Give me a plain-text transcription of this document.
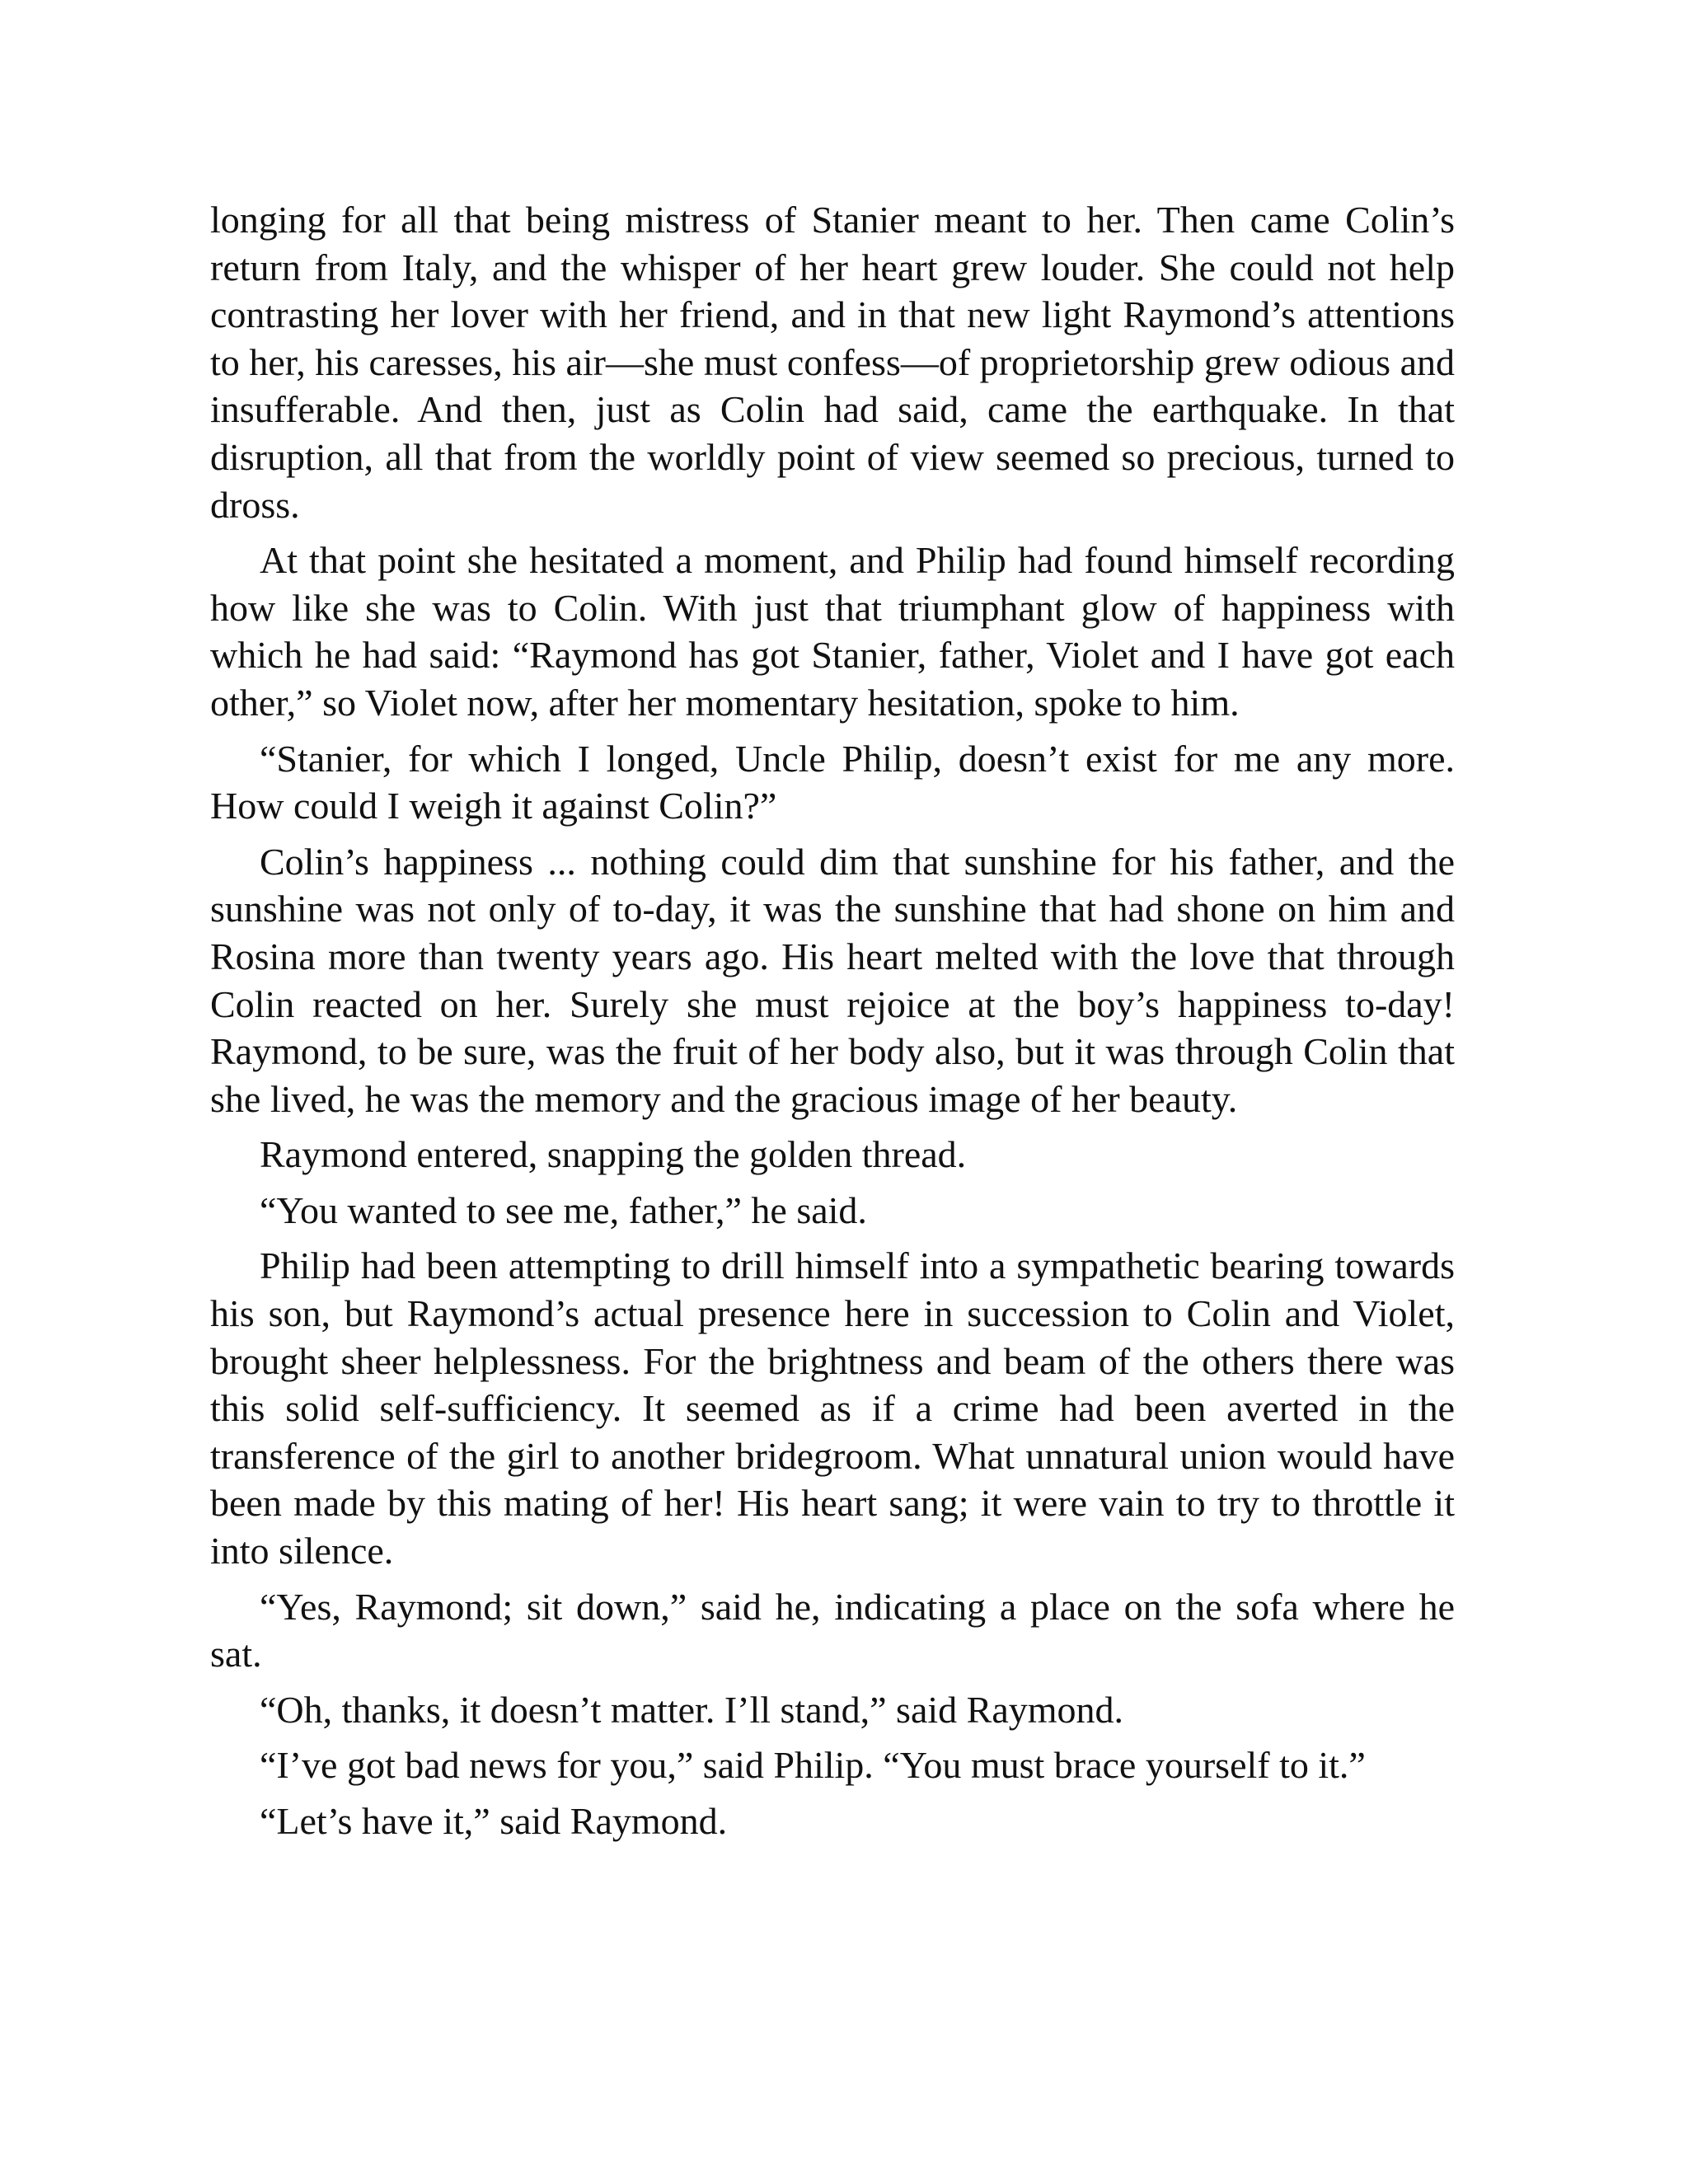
longing for all that being mistress of Stanier meant to her. Then came Colin’s return from Italy, and the whisper of her heart grew louder. She could not help contrasting her lover with her friend, and in that new light Raymond’s attentions to her, his caresses, his air—she must confess—of proprietorship grew odious and insufferable. And then, just as Colin had said, came the earthquake. In that disruption, all that from the worldly point of view seemed so precious, turned to dross.

At that point she hesitated a moment, and Philip had found himself recording how like she was to Colin. With just that triumphant glow of happiness with which he had said: “Raymond has got Stanier, father, Violet and I have got each other,” so Violet now, after her momentary hesitation, spoke to him.

“Stanier, for which I longed, Uncle Philip, doesn’t exist for me any more. How could I weigh it against Colin?”

Colin’s happiness ... nothing could dim that sunshine for his father, and the sunshine was not only of to-day, it was the sunshine that had shone on him and Rosina more than twenty years ago. His heart melted with the love that through Colin reacted on her. Surely she must rejoice at the boy’s happiness to-day! Raymond, to be sure, was the fruit of her body also, but it was through Colin that she lived, he was the memory and the gracious image of her beauty.

Raymond entered, snapping the golden thread.

“You wanted to see me, father,” he said.

Philip had been attempting to drill himself into a sympathetic bearing towards his son, but Raymond’s actual presence here in succession to Colin and Violet, brought sheer helplessness. For the brightness and beam of the others there was this solid self-sufficiency. It seemed as if a crime had been averted in the transference of the girl to another bridegroom. What unnatural union would have been made by this mating of her! His heart sang; it were vain to try to throttle it into silence.

“Yes, Raymond; sit down,” said he, indicating a place on the sofa where he sat.

“Oh, thanks, it doesn’t matter. I’ll stand,” said Raymond.

“I’ve got bad news for you,” said Philip. “You must brace yourself to it.”

“Let’s have it,” said Raymond.
